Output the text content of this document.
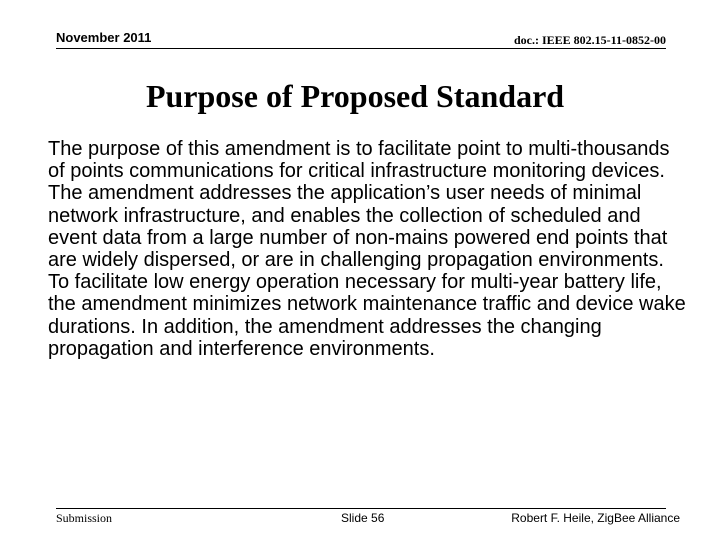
November 2011	doc.: IEEE 802.15-11-0852-00
Purpose of Proposed Standard

The purpose of this amendment is to facilitate point to multi-thousands of points communications for critical infrastructure monitoring devices. The amendment addresses the application’s user needs of minimal network infrastructure, and enables the collection of scheduled and event data from a large number of non-mains powered end points that are widely dispersed, or are in challenging propagation environments. To facilitate low energy operation necessary for multi-year battery life, the amendment minimizes network maintenance traffic and device wake durations. In addition, the amendment addresses the changing propagation and interference environments.

Submission	Slide 56	Robert F. Heile, ZigBee Alliance
